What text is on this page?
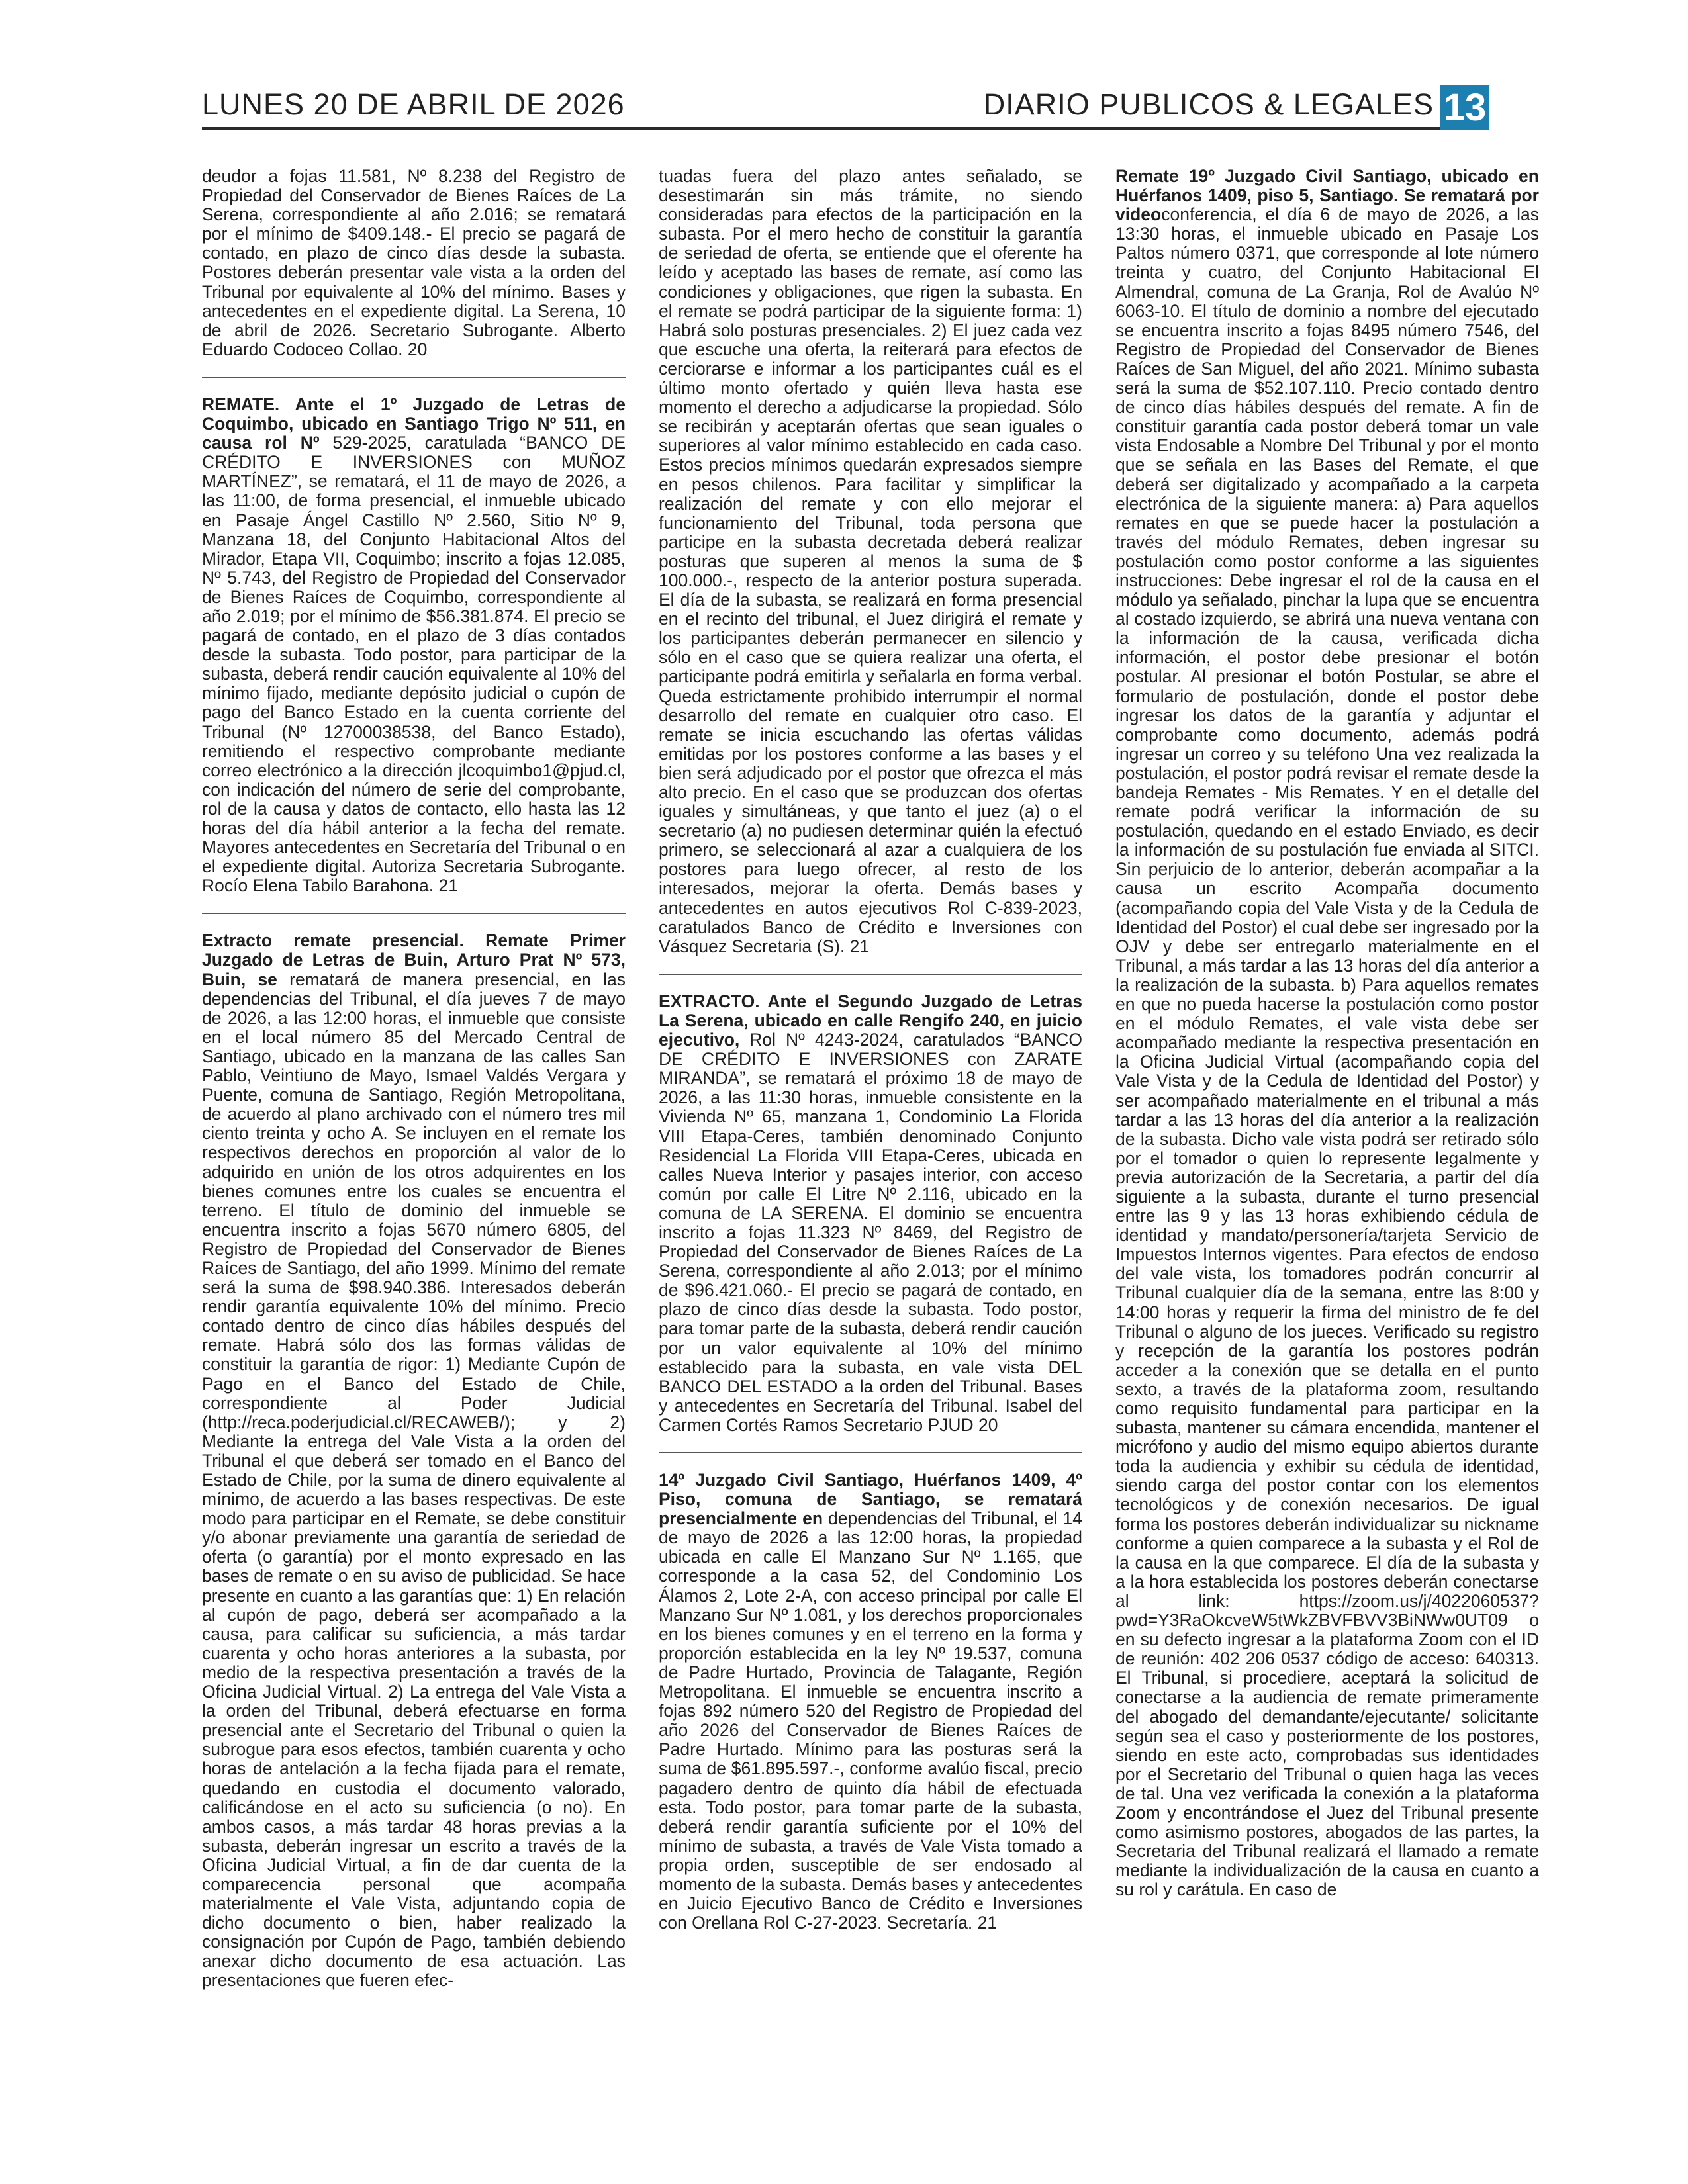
LUNES 20 DE ABRIL DE 2026	DIARIO PUBLICOS & LEGALES 13

deudor a fojas 11.581, Nº 8.238 del Registro de Propiedad del Conservador de Bienes Raíces de La Serena, correspondiente al año 2.016; se rematará por el mínimo de $409.148.- El precio se pagará de contado, en plazo de cinco días desde la subasta. Postores deberán presentar vale vista a la orden del Tribunal por equivalente al 10% del mínimo. Bases y antecedentes en el expediente digital. La Serena, 10 de abril de 2026. Secretario Subrogante. Alberto Eduardo Codoceo Collao. 20

REMATE. Ante el 1º Juzgado de Letras de Coquimbo, ubicado en Santiago Trigo Nº 511, en causa rol Nº 529-2025, caratulada “BANCO DE CRÉDITO E INVERSIONES con MUÑOZ MARTÍNEZ”, se rematará, el 11 de mayo de 2026, a las 11:00, de forma presencial, el inmueble ubicado en Pasaje Ángel Castillo Nº 2.560, Sitio Nº 9, Manzana 18, del Conjunto Habitacional Altos del Mirador, Etapa VII, Coquimbo; inscrito a fojas 12.085, Nº 5.743, del Registro de Propiedad del Conservador de Bienes Raíces de Coquimbo, correspondiente al año 2.019; por el mínimo de $56.381.874. El precio se pagará de contado, en el plazo de 3 días contados desde la subasta. Todo postor, para participar de la subasta, deberá rendir caución equivalente al 10% del mínimo fijado, mediante depósito judicial o cupón de pago del Banco Estado en la cuenta corriente del Tribunal (Nº 12700038538, del Banco Estado), remitiendo el respectivo comprobante mediante correo electrónico a la dirección jlcoquimbo1@pjud.cl, con indicación del número de serie del comprobante, rol de la causa y datos de contacto, ello hasta las 12 horas del día hábil anterior a la fecha del remate. Mayores antecedentes en Secretaría del Tribunal o en el expediente digital. Autoriza Secretaria Subrogante. Rocío Elena Tabilo Barahona. 21

Extracto remate presencial. Remate Primer Juzgado de Letras de Buin, Arturo Prat Nº 573, Buin, se rematará de manera presencial, en las dependencias del Tribunal, el día jueves 7 de mayo de 2026, a las 12:00 horas, el inmueble que consiste en el local número 85 del Mercado Central de Santiago, ubicado en la manzana de las calles San Pablo, Veintiuno de Mayo, Ismael Valdés Vergara y Puente, comuna de Santiago, Región Metropolitana, de acuerdo al plano archivado con el número tres mil ciento treinta y ocho A. Se incluyen en el remate los respectivos derechos en proporción al valor de lo adquirido en unión de los otros adquirentes en los bienes comunes entre los cuales se encuentra el terreno. El título de dominio del inmueble se encuentra inscrito a fojas 5670 número 6805, del Registro de Propiedad del Conservador de Bienes Raíces de Santiago, del año 1999. Mínimo del remate será la suma de $98.940.386. Interesados deberán rendir garantía equivalente 10% del mínimo. Precio contado dentro de cinco días hábiles después del remate. Habrá sólo dos las formas válidas de constituir la garantía de rigor: 1) Mediante Cupón de Pago en el Banco del Estado de Chile, correspondiente al Poder Judicial (http://reca.poderjudicial.cl/RECAWEB/); y 2) Mediante la entrega del Vale Vista a la orden del Tribunal el que deberá ser tomado en el Banco del Estado de Chile, por la suma de dinero equivalente al mínimo, de acuerdo a las bases respectivas. De este modo para participar en el Remate, se debe constituir y/o abonar previamente una garantía de seriedad de oferta (o garantía) por el monto expresado en las bases de remate o en su aviso de publicidad. Se hace presente en cuanto a las garantías que: 1) En relación al cupón de pago, deberá ser acompañado a la causa, para calificar su suficiencia, a más tardar cuarenta y ocho horas anteriores a la subasta, por medio de la respectiva presentación a través de la Oficina Judicial Virtual. 2) La entrega del Vale Vista a la orden del Tribunal, deberá efectuarse en forma presencial ante el Secretario del Tribunal o quien la subrogue para esos efectos, también cuarenta y ocho horas de antelación a la fecha fijada para el remate, quedando en custodia el documento valorado, calificándose en el acto su suficiencia (o no). En ambos casos, a más tardar 48 horas previas a la subasta, deberán ingresar un escrito a través de la Oficina Judicial Virtual, a fin de dar cuenta de la comparecencia personal que acompaña materialmente el Vale Vista, adjuntando copia de dicho documento o bien, haber realizado la consignación por Cupón de Pago, también debiendo anexar dicho documento de esa actuación. Las presentaciones que fueren efec-

tuadas fuera del plazo antes señalado, se desestimarán sin más trámite, no siendo consideradas para efectos de la participación en la subasta. Por el mero hecho de constituir la garantía de seriedad de oferta, se entiende que el oferente ha leído y aceptado las bases de remate, así como las condiciones y obligaciones, que rigen la subasta. En el remate se podrá participar de la siguiente forma: 1) Habrá solo posturas presenciales. 2) El juez cada vez que escuche una oferta, la reiterará para efectos de cerciorarse e informar a los participantes cuál es el último monto ofertado y quién lleva hasta ese momento el derecho a adjudicarse la propiedad. Sólo se recibirán y aceptarán ofertas que sean iguales o superiores al valor mínimo establecido en cada caso. Estos precios mínimos quedarán expresados siempre en pesos chilenos. Para facilitar y simplificar la realización del remate y con ello mejorar el funcionamiento del Tribunal, toda persona que participe en la subasta decretada deberá realizar posturas que superen al menos la suma de $ 100.000.-, respecto de la anterior postura superada. El día de la subasta, se realizará en forma presencial en el recinto del tribunal, el Juez dirigirá el remate y los participantes deberán permanecer en silencio y sólo en el caso que se quiera realizar una oferta, el participante podrá emitirla y señalarla en forma verbal. Queda estrictamente prohibido interrumpir el normal desarrollo del remate en cualquier otro caso. El remate se inicia escuchando las ofertas válidas emitidas por los postores conforme a las bases y el bien será adjudicado por el postor que ofrezca el más alto precio. En el caso que se produzcan dos ofertas iguales y simultáneas, y que tanto el juez (a) o el secretario (a) no pudiesen determinar quién la efectuó primero, se seleccionará al azar a cualquiera de los postores para luego ofrecer, al resto de los interesados, mejorar la oferta. Demás bases y antecedentes en autos ejecutivos Rol C-839-2023, caratulados Banco de Crédito e Inversiones con Vásquez Secretaria (S). 21

EXTRACTO. Ante el Segundo Juzgado de Letras La Serena, ubicado en calle Rengifo 240, en juicio ejecutivo, Rol Nº 4243-2024, caratulados “BANCO DE CRÉDITO E INVERSIONES con ZARATE MIRANDA”, se rematará el próximo 18 de mayo de 2026, a las 11:30 horas, inmueble consistente en la Vivienda Nº 65, manzana 1, Condominio La Florida VIII Etapa-Ceres, también denominado Conjunto Residencial La Florida VIII Etapa-Ceres, ubicada en calles Nueva Interior y pasajes interior, con acceso común por calle El Litre Nº 2.116, ubicado en la comuna de LA SERENA. El dominio se encuentra inscrito a fojas 11.323 Nº 8469, del Registro de Propiedad del Conservador de Bienes Raíces de La Serena, correspondiente al año 2.013; por el mínimo de $96.421.060.- El precio se pagará de contado, en plazo de cinco días desde la subasta. Todo postor, para tomar parte de la subasta, deberá rendir caución por un valor equivalente al 10% del mínimo establecido para la subasta, en vale vista DEL BANCO DEL ESTADO a la orden del Tribunal. Bases y antecedentes en Secretaría del Tribunal. Isabel del Carmen Cortés Ramos Secretario PJUD 20

14º Juzgado Civil Santiago, Huérfanos 1409, 4º Piso, comuna de Santiago, se rematará presencialmente en dependencias del Tribunal, el 14 de mayo de 2026 a las 12:00 horas, la propiedad ubicada en calle El Manzano Sur Nº 1.165, que corresponde a la casa 52, del Condominio Los Álamos 2, Lote 2-A, con acceso principal por calle El Manzano Sur Nº 1.081, y los derechos proporcionales en los bienes comunes y en el terreno en la forma y proporción establecida en la ley Nº 19.537, comuna de Padre Hurtado, Provincia de Talagante, Región Metropolitana. El inmueble se encuentra inscrito a fojas 892 número 520 del Registro de Propiedad del año 2026 del Conservador de Bienes Raíces de Padre Hurtado. Mínimo para las posturas será la suma de $61.895.597.-, conforme avalúo fiscal, precio pagadero dentro de quinto día hábil de efectuada esta. Todo postor, para tomar parte de la subasta, deberá rendir garantía suficiente por el 10% del mínimo de subasta, a través de Vale Vista tomado a propia orden, susceptible de ser endosado al momento de la subasta. Demás bases y antecedentes en Juicio Ejecutivo Banco de Crédito e Inversiones con Orellana Rol C-27-2023. Secretaría. 21

Remate 19º Juzgado Civil Santiago, ubicado en Huérfanos 1409, piso 5, Santiago. Se rematará por videoconferencia, el día 6 de mayo de 2026, a las 13:30 horas, el inmueble ubicado en Pasaje Los Paltos número 0371, que corresponde al lote número treinta y cuatro, del Conjunto Habitacional El Almendral, comuna de La Granja, Rol de Avalúo Nº 6063-10. El título de dominio a nombre del ejecutado se encuentra inscrito a fojas 8495 número 7546, del Registro de Propiedad del Conservador de Bienes Raíces de San Miguel, del año 2021. Mínimo subasta será la suma de $52.107.110. Precio contado dentro de cinco días hábiles después del remate. A fin de constituir garantía cada postor deberá tomar un vale vista Endosable a Nombre Del Tribunal y por el monto que se señala en las Bases del Remate, el que deberá ser digitalizado y acompañado a la carpeta electrónica de la siguiente manera: a) Para aquellos remates en que se puede hacer la postulación a través del módulo Remates, deben ingresar su postulación como postor conforme a las siguientes instrucciones: Debe ingresar el rol de la causa en el módulo ya señalado, pinchar la lupa que se encuentra al costado izquierdo, se abrirá una nueva ventana con la información de la causa, verificada dicha información, el postor debe presionar el botón postular. Al presionar el botón Postular, se abre el formulario de postulación, donde el postor debe ingresar los datos de la garantía y adjuntar el comprobante como documento, además podrá ingresar un correo y su teléfono Una vez realizada la postulación, el postor podrá revisar el remate desde la bandeja Remates - Mis Remates. Y en el detalle del remate podrá verificar la información de su postulación, quedando en el estado Enviado, es decir la información de su postulación fue enviada al SITCI. Sin perjuicio de lo anterior, deberán acompañar a la causa un escrito Acompaña documento (acompañando copia del Vale Vista y de la Cedula de Identidad del Postor) el cual debe ser ingresado por la OJV y debe ser entregarlo materialmente en el Tribunal, a más tardar a las 13 horas del día anterior a la realización de la subasta. b) Para aquellos remates en que no pueda hacerse la postulación como postor en el módulo Remates, el vale vista debe ser acompañado mediante la respectiva presentación en la Oficina Judicial Virtual (acompañando copia del Vale Vista y de la Cedula de Identidad del Postor) y ser acompañado materialmente en el tribunal a más tardar a las 13 horas del día anterior a la realización de la subasta. Dicho vale vista podrá ser retirado sólo por el tomador o quien lo represente legalmente y previa autorización de la Secretaria, a partir del día siguiente a la subasta, durante el turno presencial entre las 9 y las 13 horas exhibiendo cédula de identidad y mandato/personería/tarjeta Servicio de Impuestos Internos vigentes. Para efectos de endoso del vale vista, los tomadores podrán concurrir al Tribunal cualquier día de la semana, entre las 8:00 y 14:00 horas y requerir la firma del ministro de fe del Tribunal o alguno de los jueces. Verificado su registro y recepción de la garantía los postores podrán acceder a la conexión que se detalla en el punto sexto, a través de la plataforma zoom, resultando como requisito fundamental para participar en la subasta, mantener su cámara encendida, mantener el micrófono y audio del mismo equipo abiertos durante toda la audiencia y exhibir su cédula de identidad, siendo carga del postor contar con los elementos tecnológicos y de conexión necesarios. De igual forma los postores deberán individualizar su nickname conforme a quien comparece a la subasta y el Rol de la causa en la que comparece. El día de la subasta y a la hora establecida los postores deberán conectarse al link: https://zoom.us/j/4022060537?pwd=Y3RaOkcveW5tWkZBVFBVV3BiNWw0UT09 o en su defecto ingresar a la plataforma Zoom con el ID de reunión: 402 206 0537 código de acceso: 640313. El Tribunal, si procediere, aceptará la solicitud de conectarse a la audiencia de remate primeramente del abogado del demandante/ejecutante/ solicitante según sea el caso y posteriormente de los postores, siendo en este acto, comprobadas sus identidades por el Secretario del Tribunal o quien haga las veces de tal. Una vez verificada la conexión a la plataforma Zoom y encontrándose el Juez del Tribunal presente como asimismo postores, abogados de las partes, la Secretaria del Tribunal realizará el llamado a remate mediante la individualización de la causa en cuanto a su rol y carátula. En caso de
